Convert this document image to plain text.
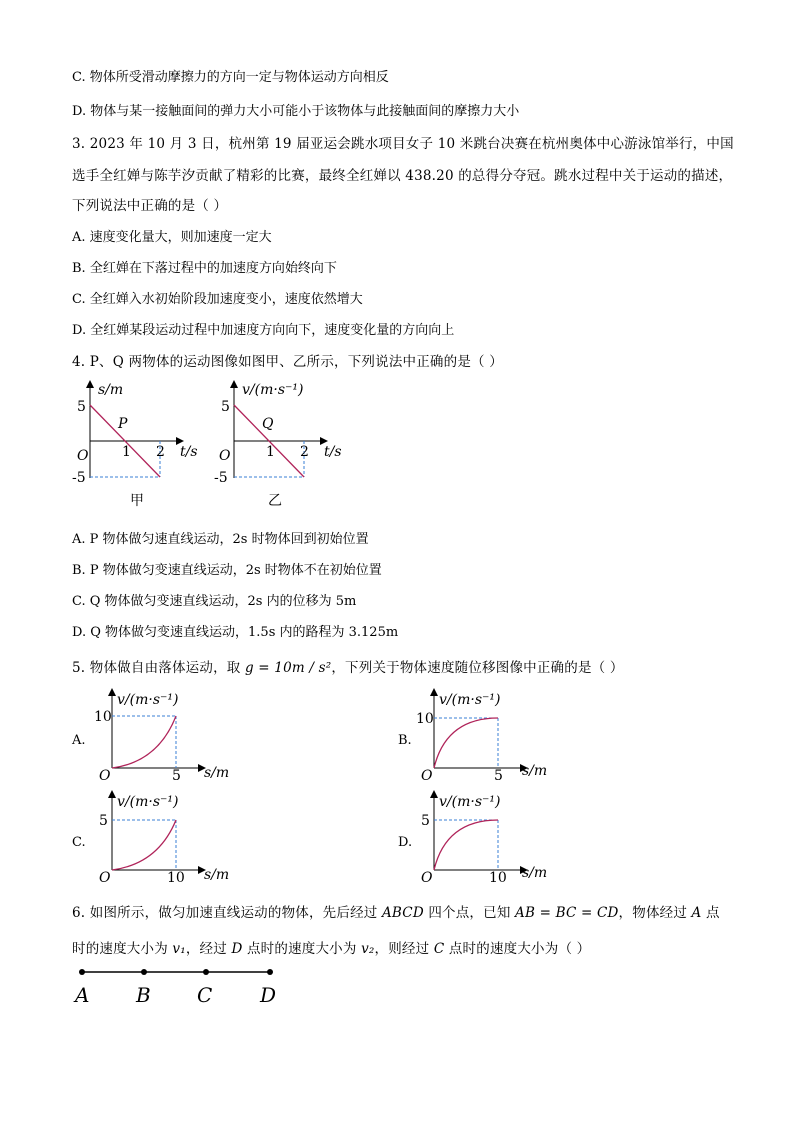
C. 物体所受滑动摩擦力的方向一定与物体运动方向相反
D. 物体与某一接触面间的弹力大小可能小于该物体与此接触面间的摩擦力大小
3. 2023 年 10 月 3 日，杭州第 19 届亚运会跳水项目女子 10 米跳台决赛在杭州奥体中心游泳馆举行，中国
选手全红婵与陈芋汐贡献了精彩的比赛，最终全红婵以 438.20 的总得分夺冠。跳水过程中关于运动的描述，
下列说法中正确的是（ ）
A. 速度变化量大，则加速度一定大
B. 全红婵在下落过程中的加速度方向始终向下
C. 全红婵入水初始阶段加速度变小，速度依然增大
D. 全红婵某段运动过程中加速度方向向下，速度变化量的方向向上
4. P、Q 两物体的运动图像如图甲、乙所示，下列说法中正确的是（ ）
s/m
5
P
O 1 2 t/s
-5
甲
v/(m·s⁻¹)
5
Q
O	1 2 t/s
-5
乙
A. P 物体做匀速直线运动，2s 时物体回到初始位置
B. P 物体做匀变速直线运动，2s 时物体不在初始位置
C. Q 物体做匀变速直线运动，2s 内的位移为 5m
D. Q 物体做匀变速直线运动，1.5s 内的路程为 3.125m
5. 物体做自由落体运动，取 g = 10m / s²，下列关于物体速度随位移图像中正确的是（ ）
A.
v/(m·s⁻¹)
10
O	5 s/m
B.
v/(m·s⁻¹)
10
O	5 s/m
C.
v/(m·s⁻¹)
5
O	10 s/m
D.
v/(m·s⁻¹)
5
O	10 s/m
6. 如图所示，做匀加速直线运动的物体，先后经过 ABCD 四个点，已知 AB = BC = CD，物体经过 A 点
时的速度大小为 v₁，经过 D 点时的速度大小为 v₂，则经过 C 点时的速度大小为（ ）
A B C D
